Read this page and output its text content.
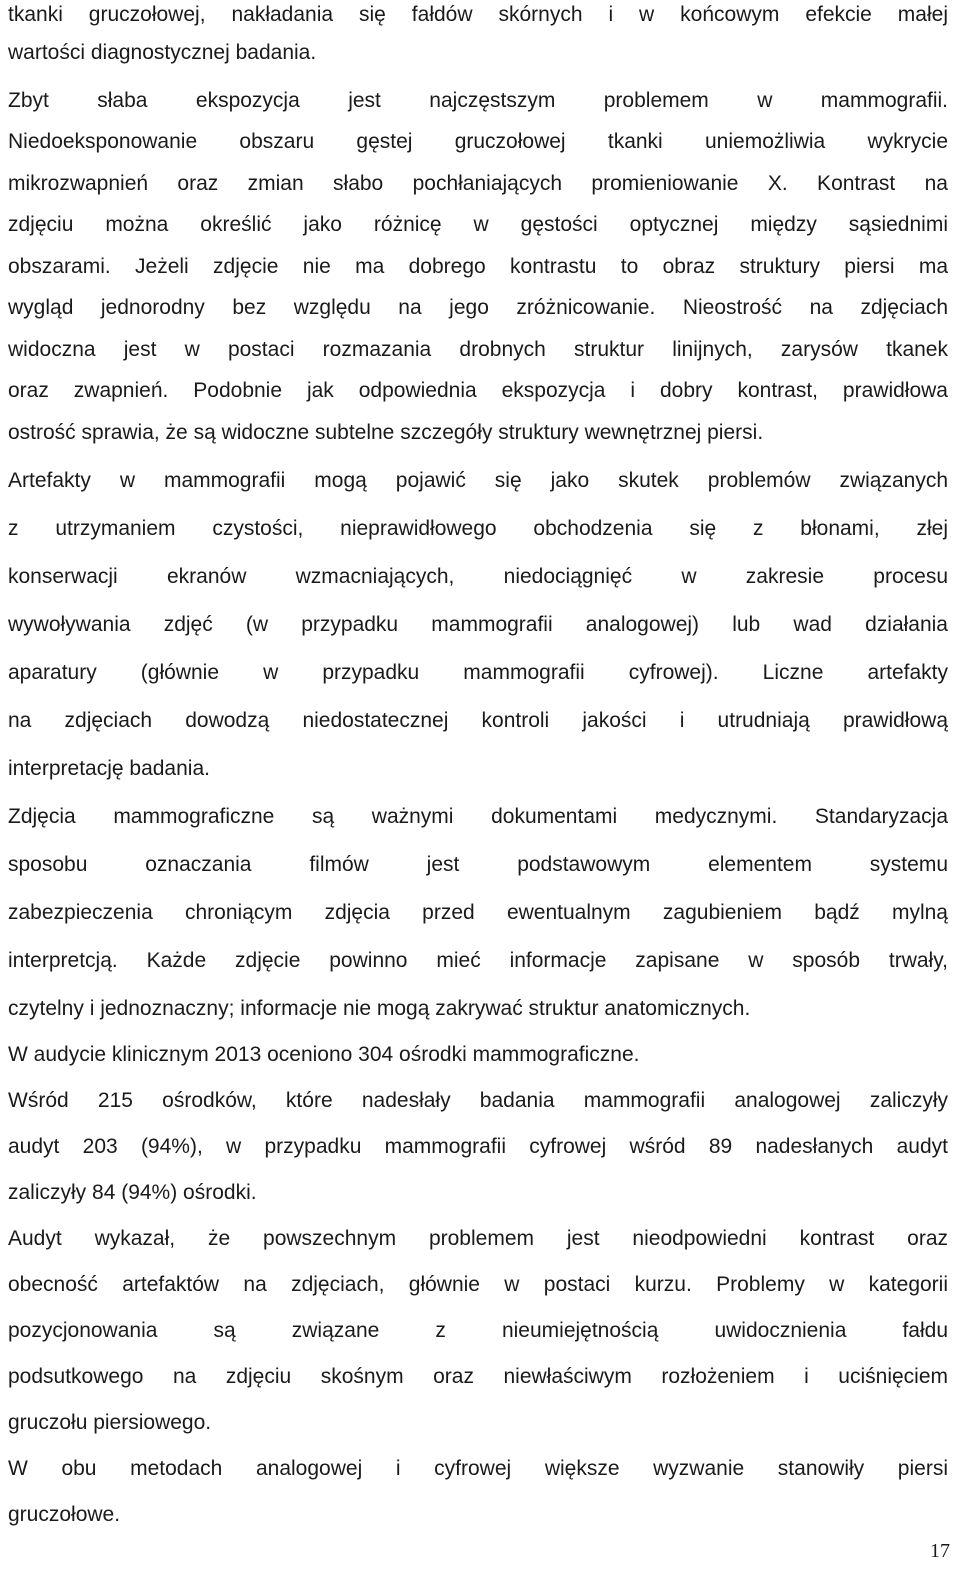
tkanki gruczołowej, nakładania się fałdów skórnych i w końcowym efekcie małej
wartości diagnostycznej badania.
Zbyt słaba ekspozycja jest najczęstszym problemem w mammografii.
Niedoeksponowanie obszaru gęstej gruczołowej tkanki uniemożliwia wykrycie
mikrozwapnień oraz zmian słabo pochłaniających promieniowanie X. Kontrast na
zdjęciu można określić jako różnicę w gęstości optycznej między sąsiednimi
obszarami. Jeżeli zdjęcie nie ma dobrego kontrastu to obraz struktury piersi ma
wygląd jednorodny bez względu na jego zróżnicowanie. Nieostrość na zdjęciach
widoczna jest w postaci rozmazania drobnych struktur linijnych, zarysów tkanek
oraz zwapnień. Podobnie jak odpowiednia ekspozycja i dobry kontrast, prawidłowa
ostrość sprawia, że są widoczne subtelne szczegóły struktury wewnętrznej piersi.
Artefakty w mammografii mogą pojawić się jako skutek problemów związanych
z utrzymaniem czystości, nieprawidłowego obchodzenia się z błonami, złej
konserwacji ekranów wzmacniających, niedociągnięć w zakresie procesu
wywoływania zdjęć (w przypadku mammografii analogowej) lub wad działania
aparatury (głównie w przypadku mammografii cyfrowej). Liczne artefakty
na zdjęciach dowodzą niedostatecznej kontroli jakości i utrudniają prawidłową
interpretację badania.
Zdjęcia mammograficzne są ważnymi dokumentami medycznymi. Standaryzacja
sposobu oznaczania filmów jest podstawowym elementem systemu
zabezpieczenia chroniącym zdjęcia przed ewentualnym zagubieniem bądź mylną
interpretcją. Każde zdjęcie powinno mieć informacje zapisane w sposób trwały,
czytelny i jednoznaczny; informacje nie mogą zakrywać struktur anatomicznych.
W audycie klinicznym 2013 oceniono 304 ośrodki mammograficzne.
Wśród 215 ośrodków, które nadesłały badania mammografii analogowej zaliczyły
audyt 203 (94%), w przypadku mammografii cyfrowej wśród 89 nadesłanych audyt
zaliczyły 84 (94%) ośrodki.
Audyt wykazał, że powszechnym problemem jest nieodpowiedni kontrast oraz
obecność artefaktów na zdjęciach, głównie w postaci kurzu. Problemy w kategorii
pozycjonowania są związane z nieumiejętnością uwidocznienia fałdu
podsutkowego na zdjęciu skośnym oraz niewłaściwym rozłożeniem i uciśnięciem
gruczołu piersiowego.
W obu metodach analogowej i cyfrowej większe wyzwanie stanowiły piersi
gruczołowe.
17
